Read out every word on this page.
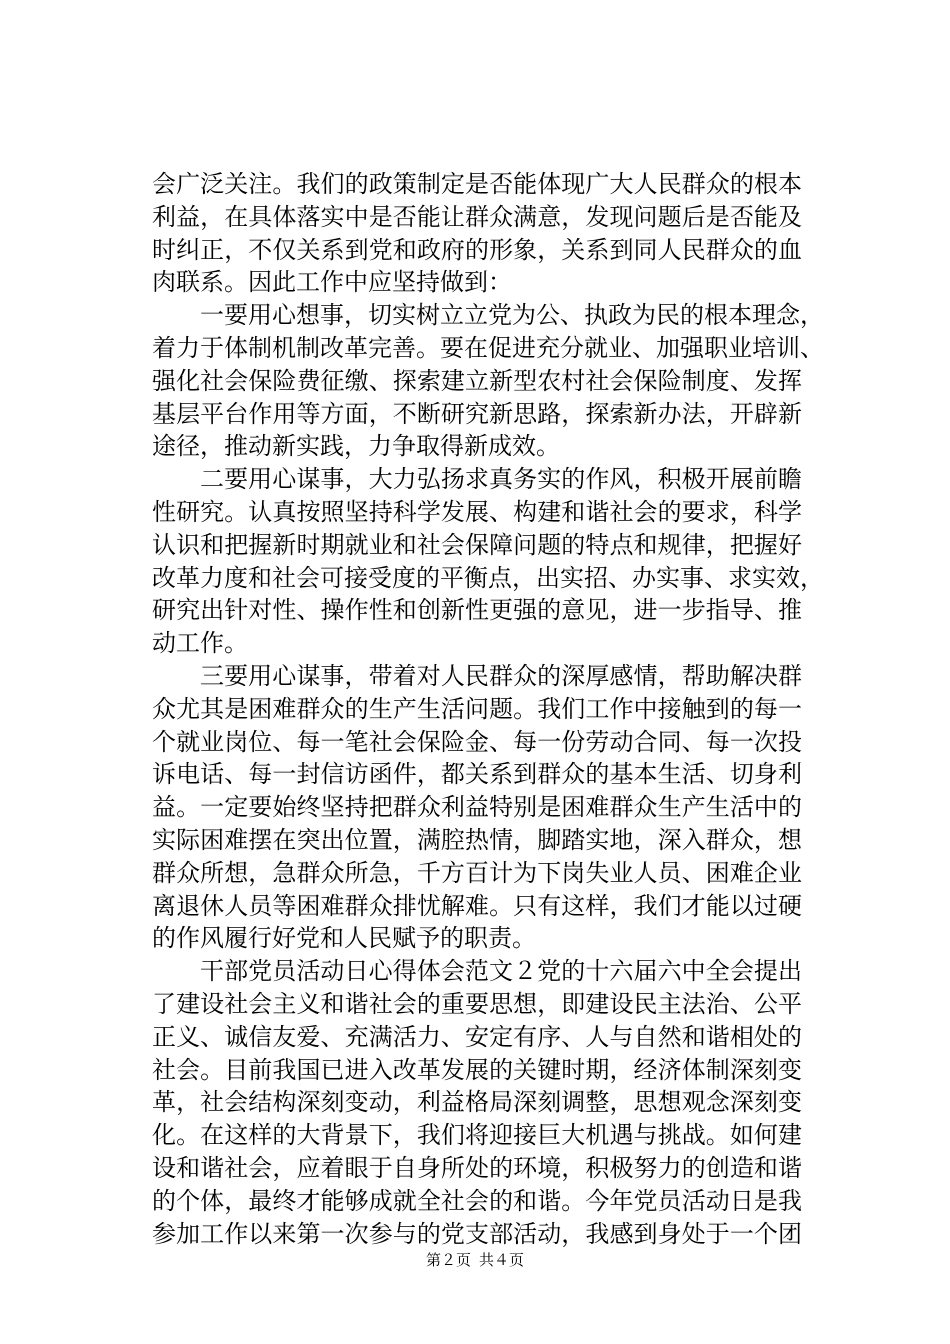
会广泛关注。我们的政策制定是否能体现广大人民群众的根本
利益，在具体落实中是否能让群众满意，发现问题后是否能及
时纠正，不仅关系到党和政府的形象，关系到同人民群众的血
肉联系。因此工作中应坚持做到：
一要用心想事，切实树立立党为公、执政为民的根本理念，
着力于体制机制改革完善。要在促进充分就业、加强职业培训、
强化社会保险费征缴、探索建立新型农村社会保险制度、发挥
基层平台作用等方面，不断研究新思路，探索新办法，开辟新
途径，推动新实践，力争取得新成效。
二要用心谋事，大力弘扬求真务实的作风，积极开展前瞻
性研究。认真按照坚持科学发展、构建和谐社会的要求，科学
认识和把握新时期就业和社会保障问题的特点和规律，把握好
改革力度和社会可接受度的平衡点，出实招、办实事、求实效，
研究出针对性、操作性和创新性更强的意见，进一步指导、推
动工作。
三要用心谋事，带着对人民群众的深厚感情，帮助解决群
众尤其是困难群众的生产生活问题。我们工作中接触到的每一
个就业岗位、每一笔社会保险金、每一份劳动合同、每一次投
诉电话、每一封信访函件，都关系到群众的基本生活、切身利
益。一定要始终坚持把群众利益特别是困难群众生产生活中的
实际困难摆在突出位置，满腔热情，脚踏实地，深入群众，想
群众所想，急群众所急，千方百计为下岗失业人员、困难企业
离退休人员等困难群众排忧解难。只有这样，我们才能以过硬
的作风履行好党和人民赋予的职责。
干部党员活动日心得体会范文２党的十六届六中全会提出
了建设社会主义和谐社会的重要思想，即建设民主法治、公平
正义、诚信友爱、充满活力、安定有序、人与自然和谐相处的
社会。目前我国已进入改革发展的关键时期，经济体制深刻变
革，社会结构深刻变动，利益格局深刻调整，思想观念深刻变
化。在这样的大背景下，我们将迎接巨大机遇与挑战。如何建
设和谐社会，应着眼于自身所处的环境，积极努力的创造和谐
的个体，最终才能够成就全社会的和谐。今年党员活动日是我
参加工作以来第一次参与的党支部活动，我感到身处于一个团
第２页 共４页
